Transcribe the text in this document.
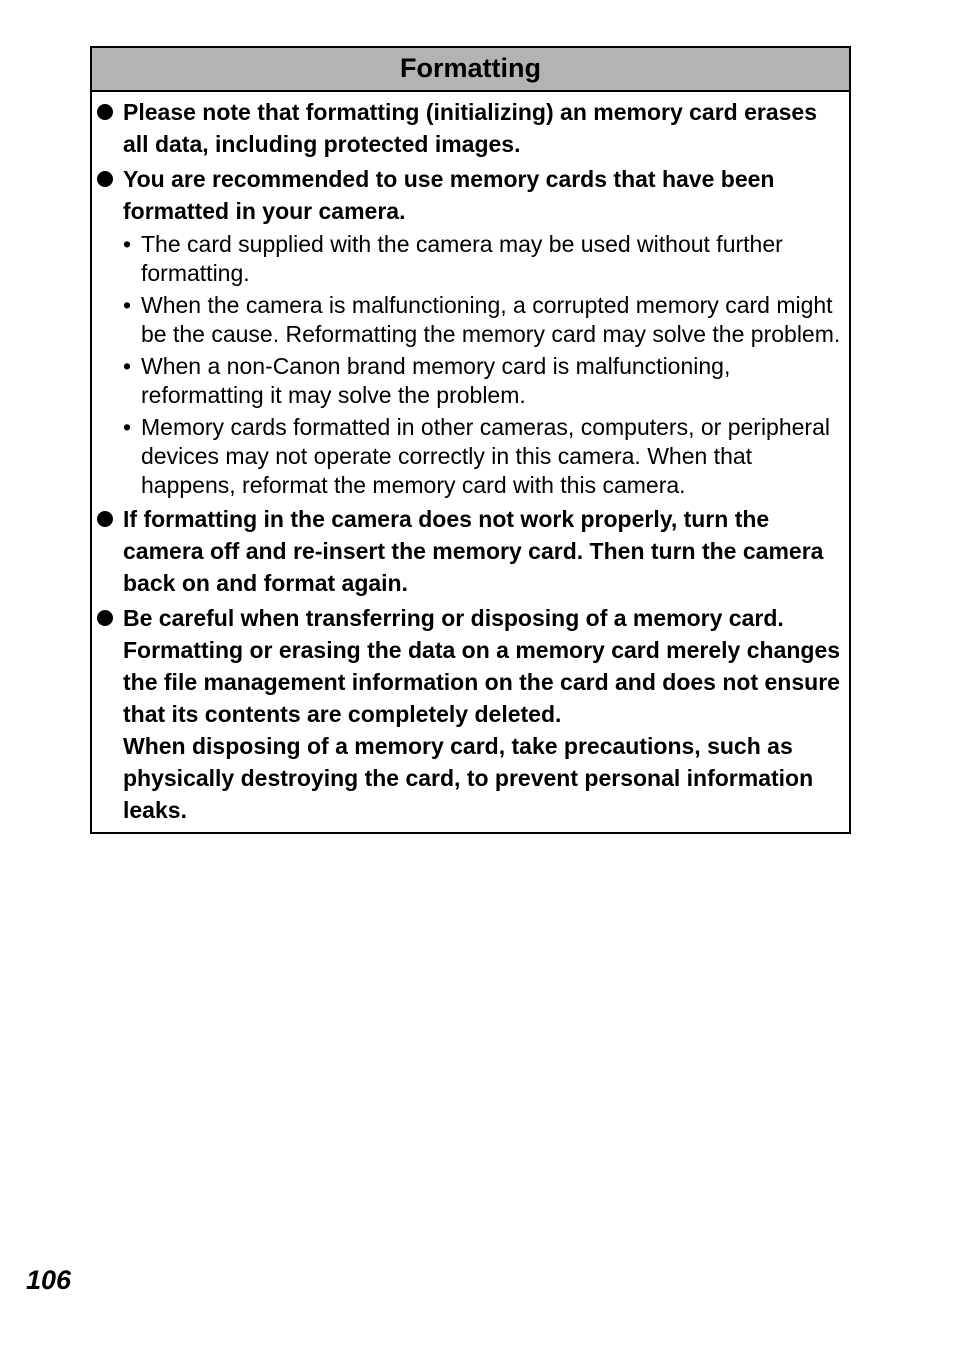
Formatting

Please note that formatting (initializing) an memory card erases all data, including protected images.

You are recommended to use memory cards that have been formatted in your camera.

• The card supplied with the camera may be used without further formatting.
• When the camera is malfunctioning, a corrupted memory card might be the cause. Reformatting the memory card may solve the problem.
• When a non-Canon brand memory card is malfunctioning, reformatting it may solve the problem.
• Memory cards formatted in other cameras, computers, or peripheral devices may not operate correctly in this camera. When that happens, reformat the memory card with this camera.

If formatting in the camera does not work properly, turn the camera off and re-insert the memory card. Then turn the camera back on and format again.

Be careful when transferring or disposing of a memory card. Formatting or erasing the data on a memory card merely changes the file management information on the card and does not ensure that its contents are completely deleted.

When disposing of a memory card, take precautions, such as physically destroying the card, to prevent personal information leaks.

106
